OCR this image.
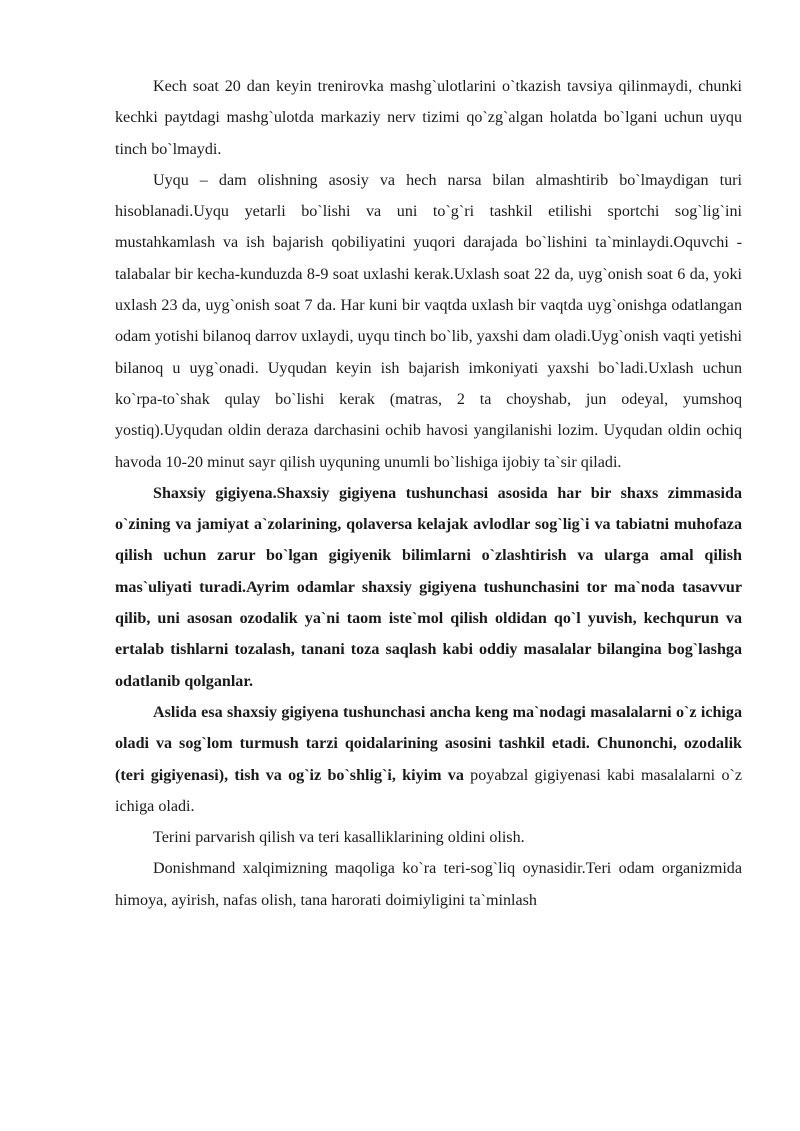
Kech soat 20 dan keyin trenirovka mashg`ulotlarini o`tkazish tavsiya qilinmaydi, chunki kechki paytdagi mashg`ulotda markaziy nerv tizimi qo`zg`algan holatda bo`lgani uchun uyqu tinch bo`lmaydi.

Uyqu – dam olishning asosiy va hech narsa bilan almashtirib bo`lmaydigan turi hisoblanadi.Uyqu yetarli bo`lishi va uni to`g`ri tashkil etilishi sportchi sog`lig`ini mustahkamlash va ish bajarish qobiliyatini yuqori darajada bo`lishini ta`minlaydi.Oquvchi - talabalar bir kecha-kunduzda 8-9 soat uxlashi kerak.Uxlash soat 22 da, uyg`onish soat 6 da, yoki uxlash 23 da, uyg`onish soat 7 da. Har kuni bir vaqtda uxlash bir vaqtda uyg`onishga odatlangan odam yotishi bilanoq darrov uxlaydi, uyqu tinch bo`lib, yaxshi dam oladi.Uyg`onish vaqti yetishi bilanoq u uyg`onadi. Uyqudan keyin ish bajarish imkoniyati yaxshi bo`ladi.Uxlash uchun ko`rpa-to`shak qulay bo`lishi kerak (matras, 2 ta choyshab, jun odeyal, yumshoq yostiq).Uyqudan oldin deraza darchasini ochib havosi yangilanishi lozim. Uyqudan oldin ochiq havoda 10-20 minut sayr qilish uyquning unumli bo`lishiga ijobiy ta`sir qiladi.

Shaxsiy gigiyena.Shaxsiy gigiyena tushunchasi asosida har bir shaxs zimmasida o`zining va jamiyat a`zolarining, qolaversa kelajak avlodlar sog`lig`i va tabiatni muhofaza qilish uchun zarur bo`lgan gigiyenik bilimlarni o`zlashtirish va ularga amal qilish mas`uliyati turadi.Ayrim odamlar shaxsiy gigiyena tushunchasini tor ma`noda tasavvur qilib, uni asosan ozodalik ya`ni taom iste`mol qilish oldidan qo`l yuvish, kechqurun va ertalab tishlarni tozalash, tanani toza saqlash kabi oddiy masalalar bilangina bog`lashga odatlanib qolganlar.

Aslida esa shaxsiy gigiyena tushunchasi ancha keng ma`nodagi masalalarni o`z ichiga oladi va sog`lom turmush tarzi qoidalarining asosini tashkil etadi. Chunonchi, ozodalik (teri gigiyenasi), tish va og`iz bo`shlig`i, kiyim va poyabzal gigiyenasi kabi masalalarni o`z ichiga oladi.

Terini parvarish qilish va teri kasalliklarining oldini olish.

Donishmand xalqimizning maqoliga ko`ra teri-sog`liq oynasidir.Teri odam organizmida himoya, ayirish, nafas olish, tana harorati doimiyligini ta`minlash
